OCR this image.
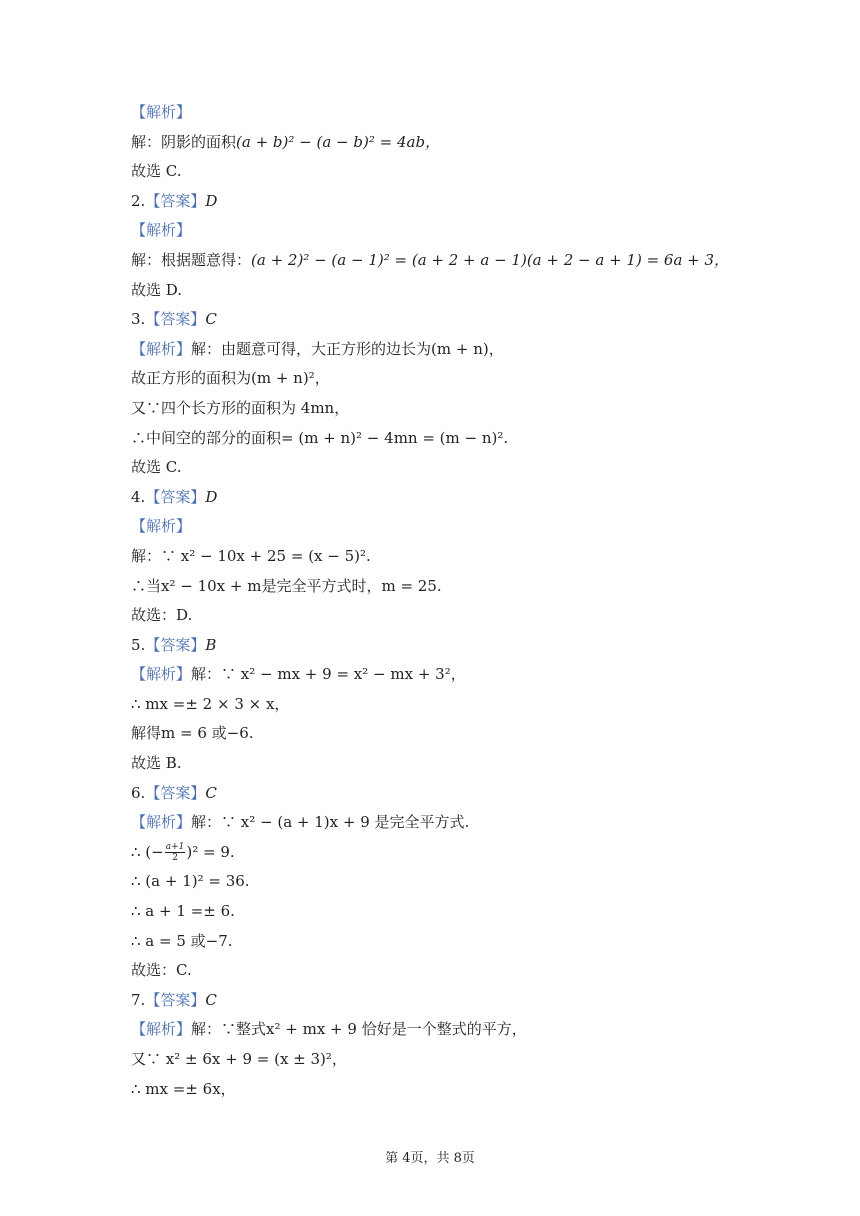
【解析】
解：阴影的面积(a + b)² − (a − b)² = 4ab，
故选 C.
2.【答案】D
【解析】
解：根据题意得：(a + 2)² − (a − 1)² = (a + 2 + a − 1)(a + 2 − a + 1) = 6a + 3，
故选 D.
3.【答案】C
【解析】解：由题意可得，大正方形的边长为(m + n)，
故正方形的面积为(m + n)²，
又∵四个长方形的面积为 4mn，
∴中间空的部分的面积= (m + n)² − 4mn = (m − n)².
故选 C.
4.【答案】D
【解析】
解：∵ x² − 10x + 25 = (x − 5)².
∴当x² − 10x + m是完全平方式时，m = 25.
故选：D.
5.【答案】B
【解析】解：∵ x² − mx + 9 = x² − mx + 3²，
∴ mx =± 2 × 3 × x，
解得m = 6 或−6.
故选 B.
6.【答案】C
【解析】解：∵ x² − (a + 1)x + 9 是完全平方式.
∴ (− $\frac{a+1}{2} )^2 = 9$.
∴ (a + 1)² = 36.
∴ a + 1 =± 6.
∴ a = 5 或−7.
故选：C.
7.【答案】C
【解析】解：∵整式x² + mx + 9 恰好是一个整式的平方，
又∵ x² ± 6x + 9 = (x ± 3)²，
∴ mx =± 6x，
第 4页，共 8页
